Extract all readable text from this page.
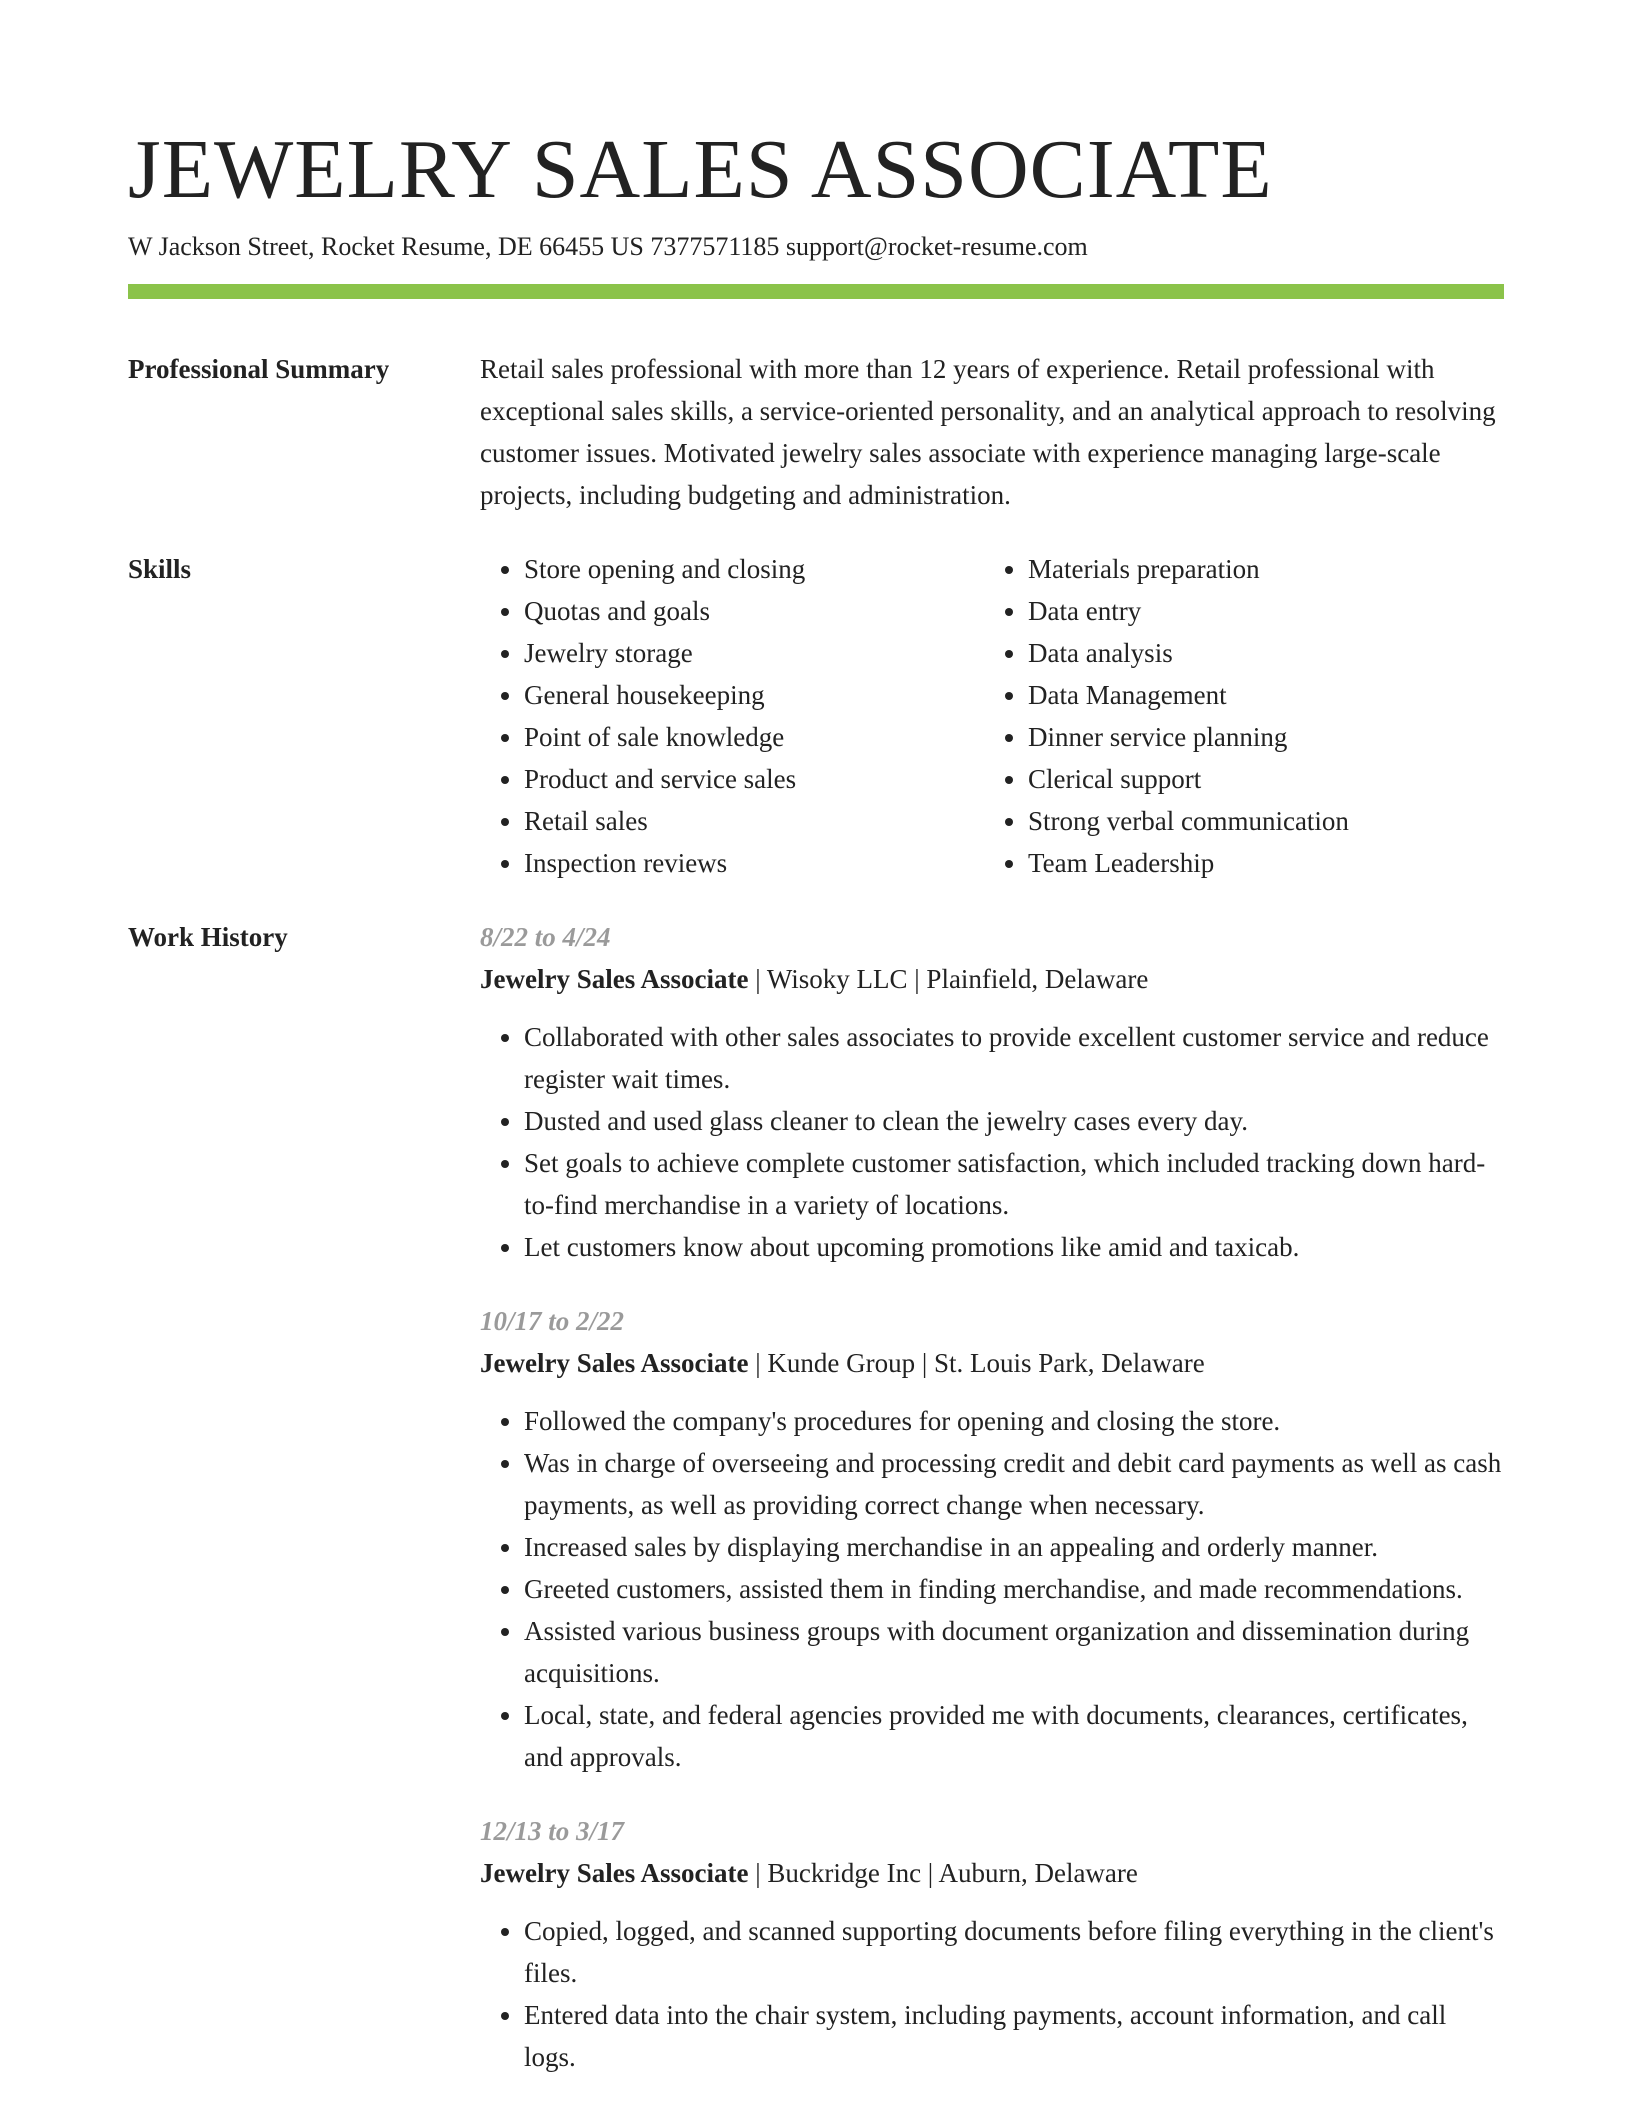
JEWELRY SALES ASSOCIATE
W Jackson Street, Rocket Resume, DE 66455 US 7377571185 support@rocket-resume.com
Professional Summary	Retail sales professional with more than 12 years of experience. Retail professional with exceptional sales skills, a service-oriented personality, and an analytical approach to resolving customer issues. Motivated jewelry sales associate with experience managing large-scale projects, including budgeting and administration.

Skills
•	Store opening and closing
• Quotas and goals
• Jewelry storage
• General housekeeping
• Point of sale knowledge
• Product and service sales
• Retail sales
• Inspection reviews
• Materials preparation
• Data entry
• Data analysis
• Data Management
• Dinner service planning
• Clerical support
• Strong verbal communication
• Team Leadership
Work History	8/22 to 4/24
Jewelry Sales Associate | Wisoky LLC | Plainfield, Delaware
• Collaborated with other sales associates to provide excellent customer service and reduce register wait times.
• Dusted and used glass cleaner to clean the jewelry cases every day.
• Set goals to achieve complete customer satisfaction, which included tracking down hard-to-find merchandise in a variety of locations.
• Let customers know about upcoming promotions like amid and taxicab.
10/17 to 2/22
Jewelry Sales Associate | Kunde Group | St. Louis Park, Delaware
• Followed the company's procedures for opening and closing the store.
• Was in charge of overseeing and processing credit and debit card payments as well as cash payments, as well as providing correct change when necessary.
• Increased sales by displaying merchandise in an appealing and orderly manner.
• Greeted customers, assisted them in finding merchandise, and made recommendations.
• Assisted various business groups with document organization and dissemination during acquisitions.
• Local, state, and federal agencies provided me with documents, clearances, certificates, and approvals.
12/13 to 3/17
Jewelry Sales Associate | Buckridge Inc | Auburn, Delaware
• Copied, logged, and scanned supporting documents before filing everything in the client's files.
• Entered data into the chair system, including payments, account information, and call logs.
